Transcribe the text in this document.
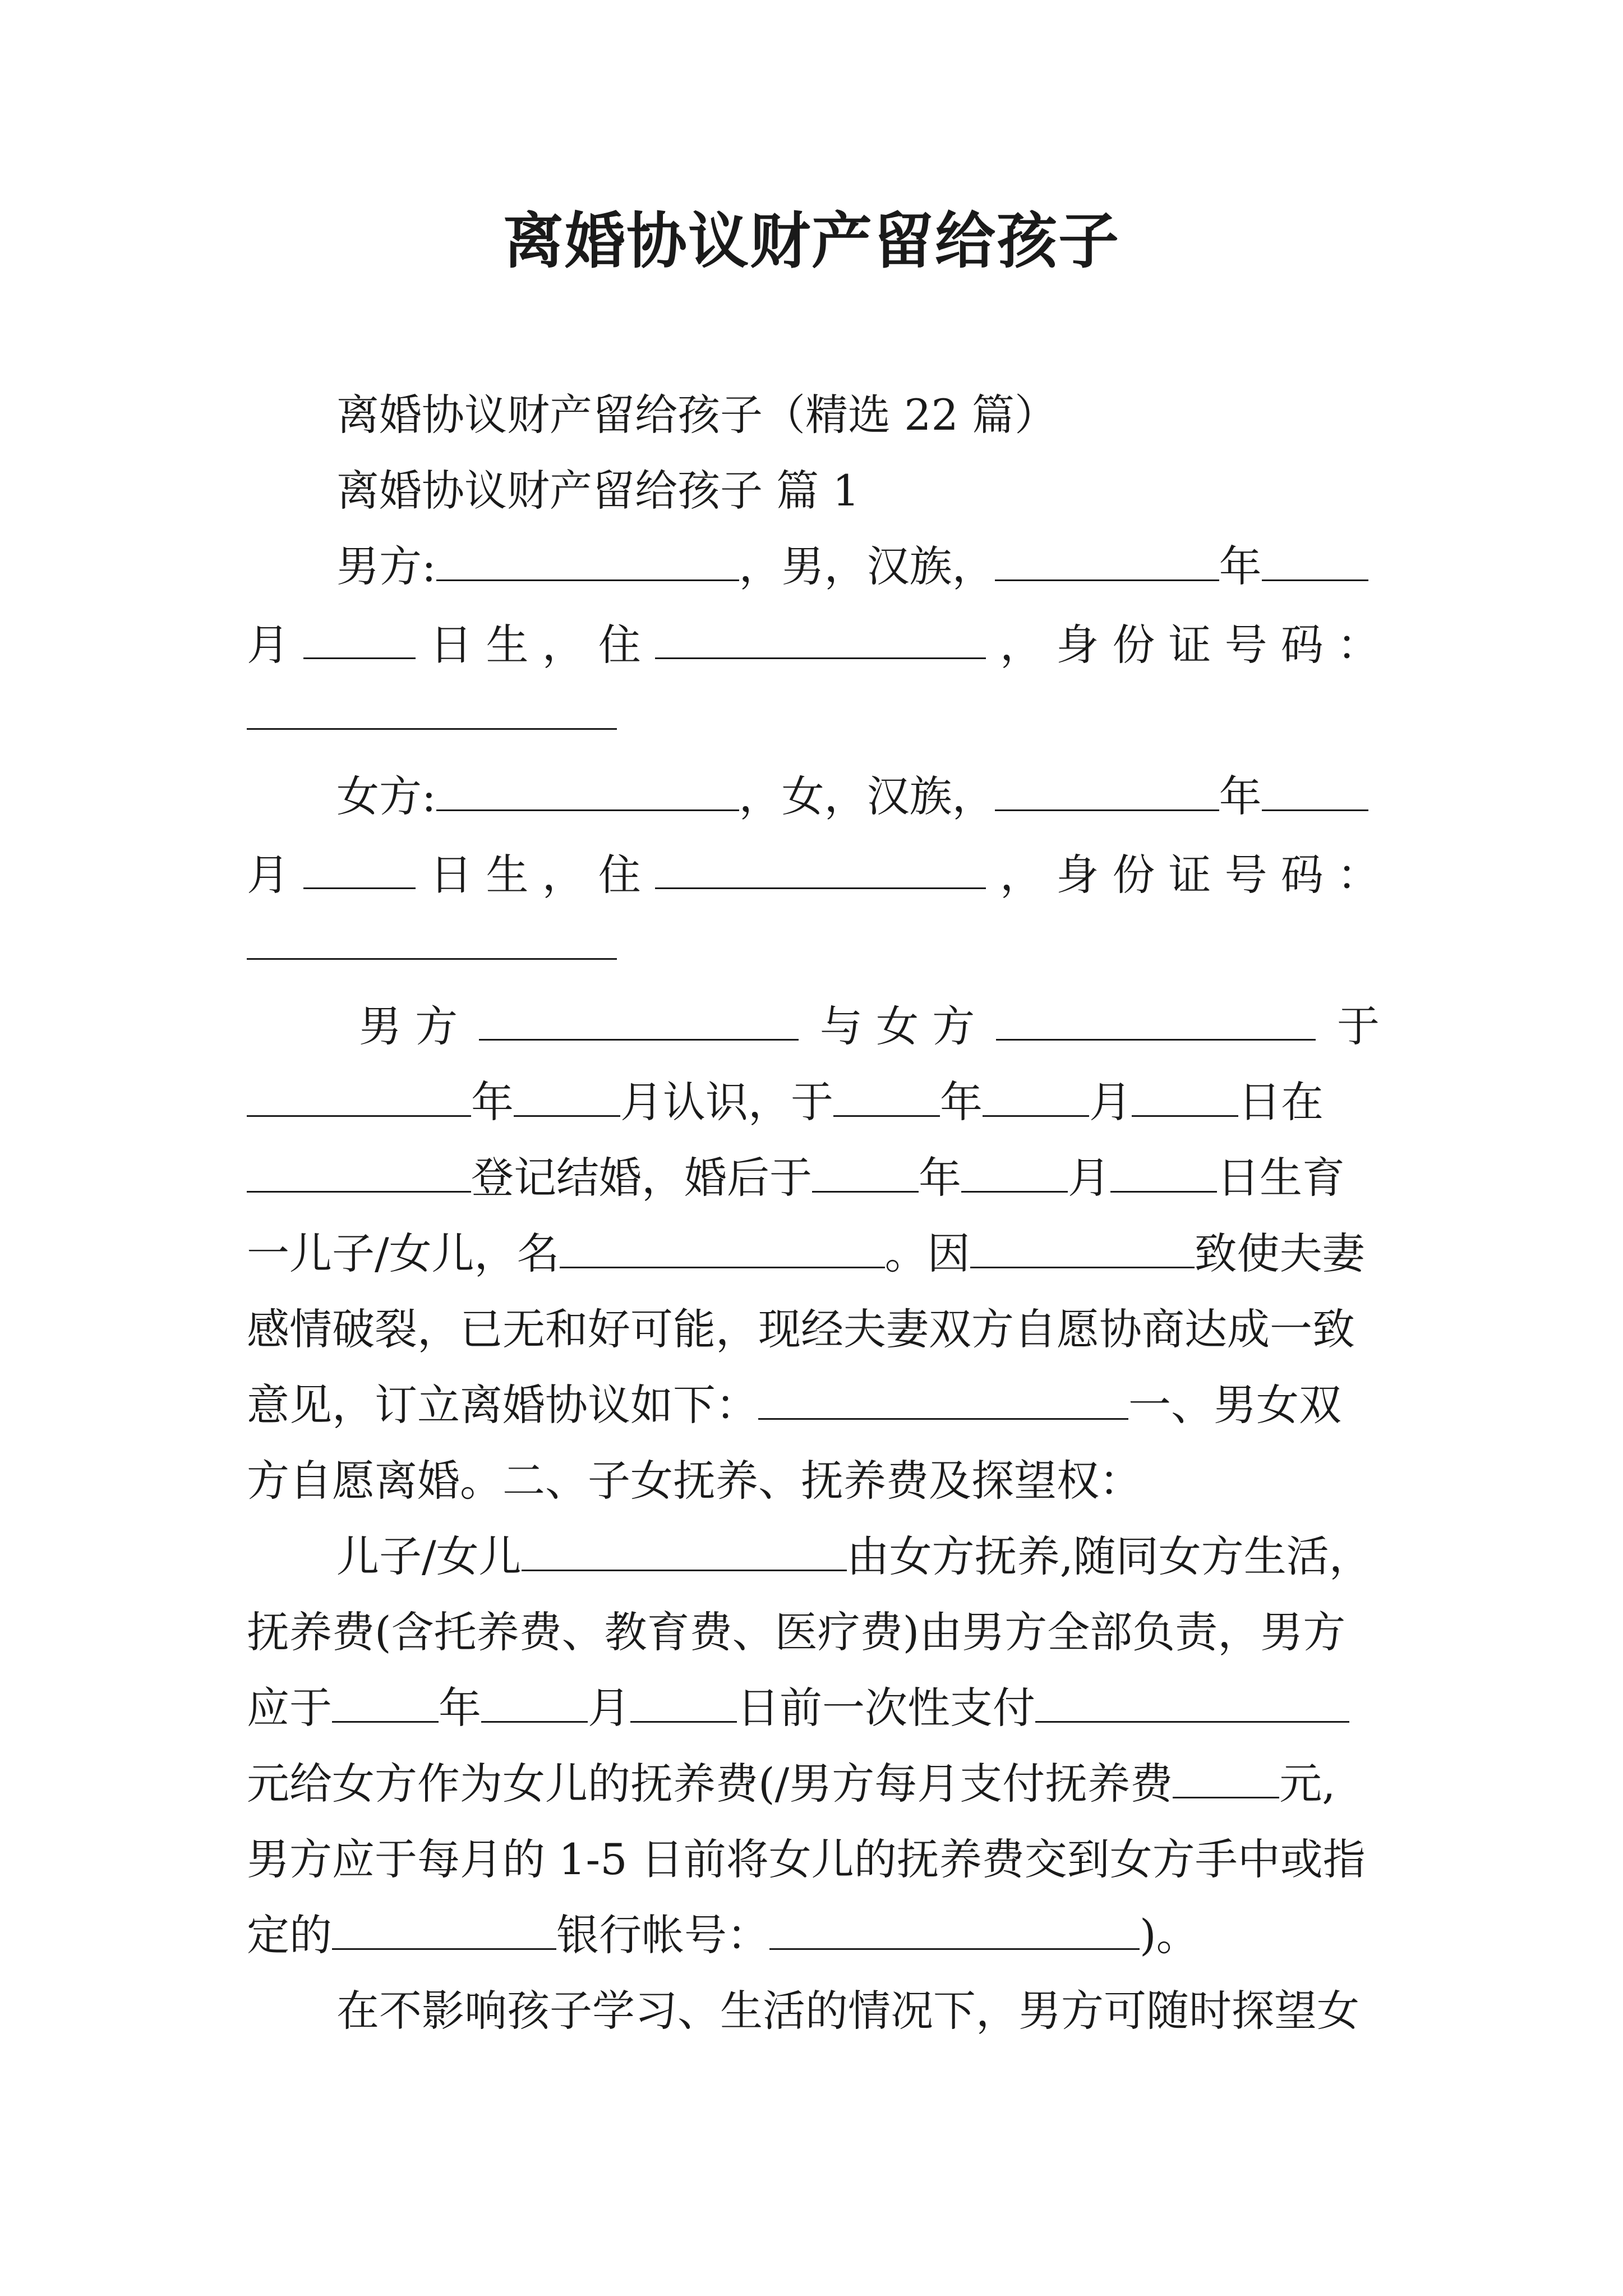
离婚协议财产留给孩子
离婚协议财产留给孩子（精选 22 篇）
离婚协议财产留给孩子 篇 1
男方:	，男，汉族，	年
月	日 生 ， 住	， 身 份 证 号 码 ：
女方:	，女，汉族，	年
月	日 生 ， 住	， 身 份 证 号 码 ：
男 方	与 女 方	于
年	月认识，于	年	月	日在
登记结婚，婚后于	年	月	日生育
一儿子/女儿，名	。因	致使夫妻
感情破裂，已无和好可能，现经夫妻双方自愿协商达成一致
意见，订立离婚协议如下：	一、男女双
方自愿离婚。二、子女抚养、抚养费及探望权：
儿子/女儿	由女方抚养,随同女方生活，
抚养费(含托养费、教育费、医疗费)由男方全部负责，男方
应于	年	月	日前一次性支付
元给女方作为女儿的抚养费(/男方每月支付抚养费	元,
男方应于每月的 1-5 日前将女儿的抚养费交到女方手中或指
定的	银行帐号：	)。
在不影响孩子学习、生活的情况下，男方可随时探望女
